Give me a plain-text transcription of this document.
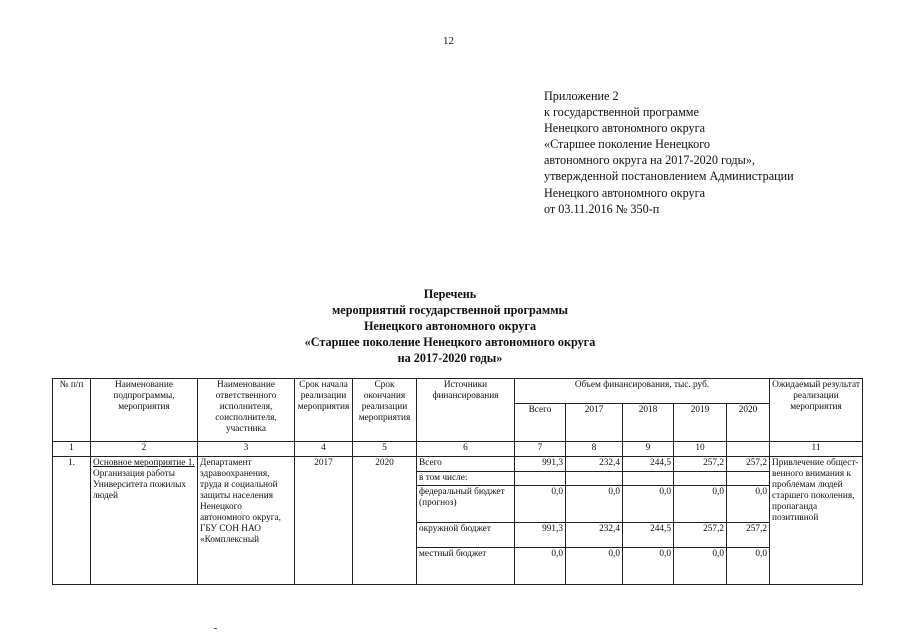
12
Приложение 2
к государственной программе
Ненецкого автономного округа
«Старшее поколение Ненецкого
автономного округа на 2017-2020 годы»,
утвержденной постановлением Администрации
Ненецкого автономного округа
от 03.11.2016 № 350-п
Перечень
мероприятий государственной программы
Ненецкого автономного округа
«Старшее поколение Ненецкого автономного округа
на 2017-2020 годы»
№ п/п	Наименование подпрограммы, мероприятия	Наименование ответственного исполнителя, соисполнителя, участника	Срок начала реализации мероприятия	Срок окончания реализации мероприятия	Источники финансирования	Объем финансирования, тыс. руб.					Ожидаемый результат реализации мероприятия
						Всего	2017	2018	2019	2020	
1	2	3	4	5	6	7	8	9	10		11
1.	Основное мероприятие 1. Организация работы Университета пожилых людей	Департамент здравоохранения, труда и социальной защиты населения Ненецкого автономного округа, ГБУ СОН НАО «Комплексный	2017	2020	Всего	991,3	232,4	244,5	257,2	257,2	Привлечение общест-венного внимания к проблемам людей старшего поколения, пропаганда позитивной
					в том числе:						
					федеральный бюджет (прогноз)	0,0	0,0	0,0	0,0	0,0	
					окружной бюджет	991,3	232,4	244,5	257,2	257,2	
					местный бюджет	0,0	0,0	0,0	0,0	0,0	
